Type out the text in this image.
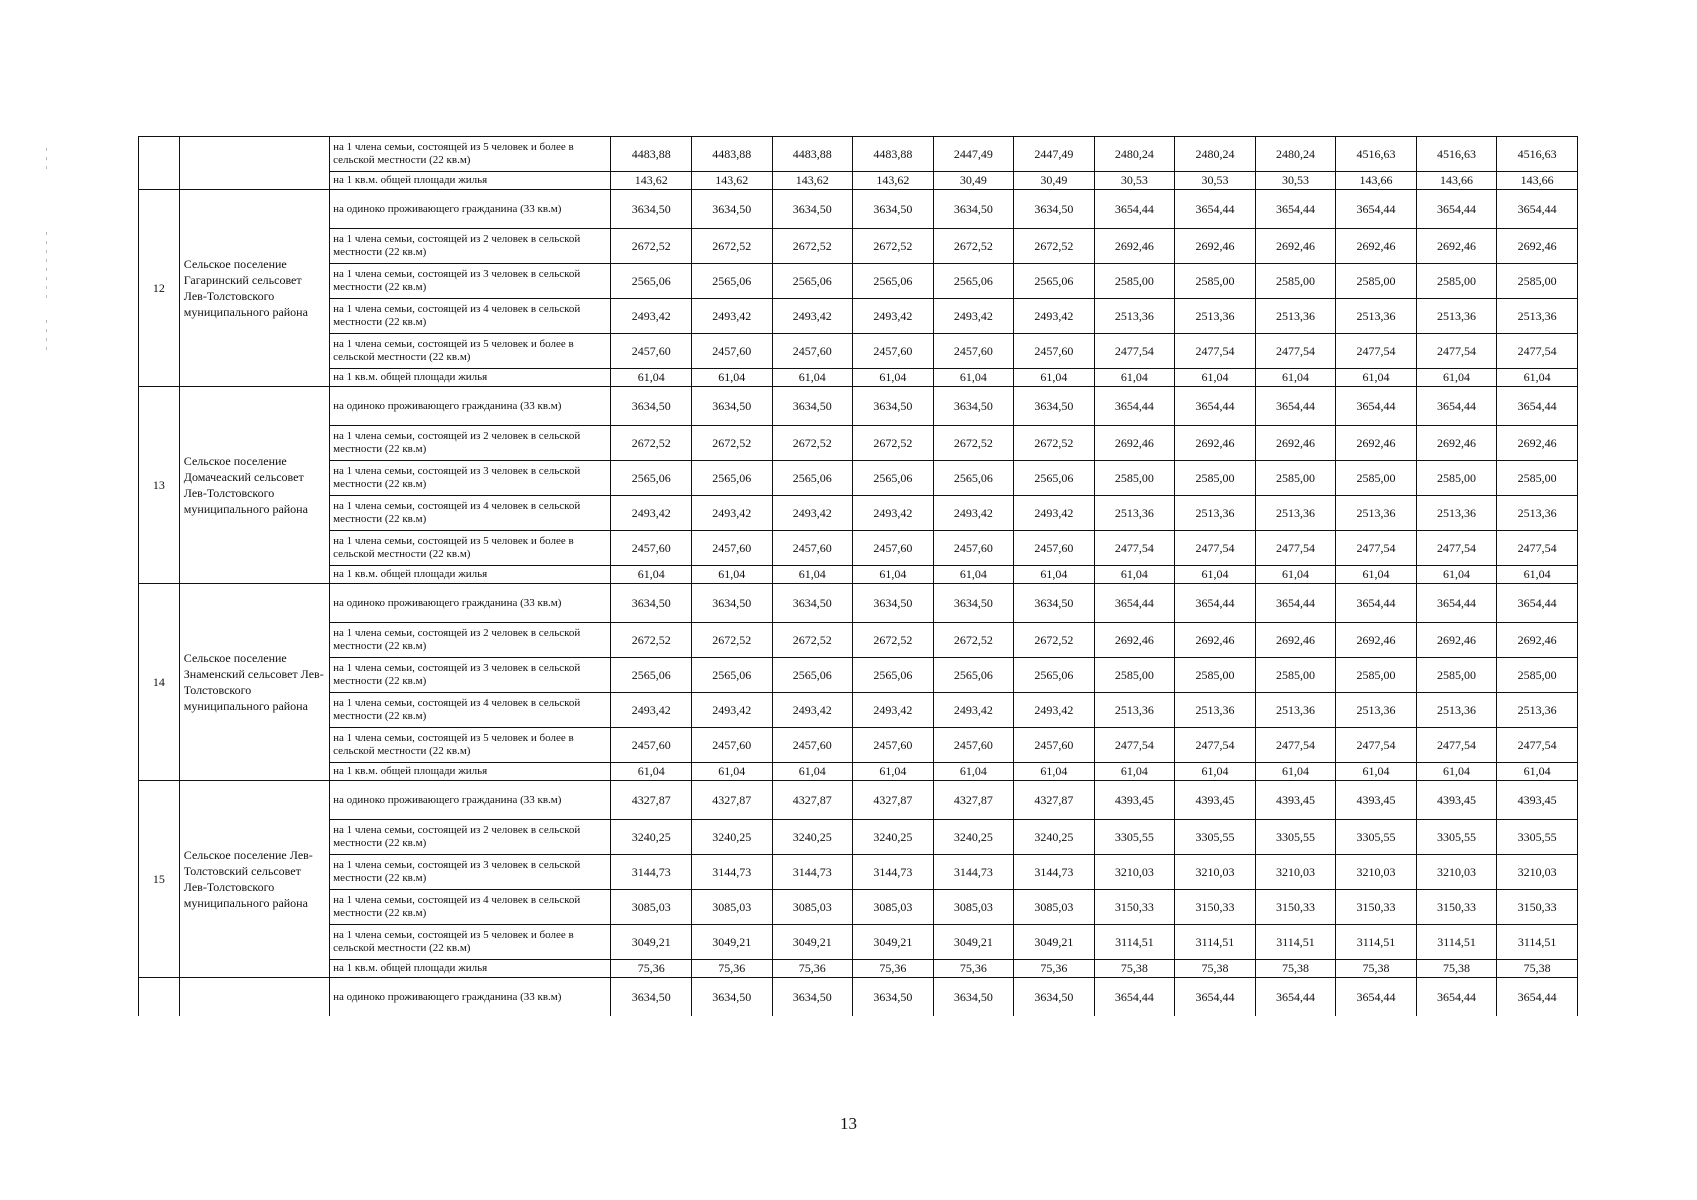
		на 1 члена семьи, состоящей из 5 человек и более в сельской местности (22 кв.м)	4483,88	4483,88	4483,88	4483,88	2447,49	2447,49	2480,24	2480,24	2480,24	4516,63	4516,63	4516,63
		на 1 кв.м. общей площади жилья	143,62	143,62	143,62	143,62	30,49	30,49	30,53	30,53	30,53	143,66	143,66	143,66
12	Сельское поселение Гагаринский сельсовет Лев-Толстовского муниципального района	на одиноко проживающего гражданина (33 кв.м)	3634,50	3634,50	3634,50	3634,50	3634,50	3634,50	3654,44	3654,44	3654,44	3654,44	3654,44	3654,44
		на 1 члена семьи, состоящей из 2 человек в сельской местности (22 кв.м)	2672,52	2672,52	2672,52	2672,52	2672,52	2672,52	2692,46	2692,46	2692,46	2692,46	2692,46	2692,46
		на 1 члена семьи, состоящей из 3 человек в сельской местности (22 кв.м)	2565,06	2565,06	2565,06	2565,06	2565,06	2565,06	2585,00	2585,00	2585,00	2585,00	2585,00	2585,00
		на 1 члена семьи, состоящей из 4 человек в сельской местности (22 кв.м)	2493,42	2493,42	2493,42	2493,42	2493,42	2493,42	2513,36	2513,36	2513,36	2513,36	2513,36	2513,36
		на 1 члена семьи, состоящей из 5 человек и более в сельской местности (22 кв.м)	2457,60	2457,60	2457,60	2457,60	2457,60	2457,60	2477,54	2477,54	2477,54	2477,54	2477,54	2477,54
		на 1 кв.м. общей площади жилья	61,04	61,04	61,04	61,04	61,04	61,04	61,04	61,04	61,04	61,04	61,04	61,04
13	Сельское поселение Домачеаский сельсовет Лев-Толстовского муниципального района	на одиноко проживающего гражданина (33 кв.м)	3634,50	3634,50	3634,50	3634,50	3634,50	3634,50	3654,44	3654,44	3654,44	3654,44	3654,44	3654,44
		на 1 члена семьи, состоящей из 2 человек в сельской местности (22 кв.м)	2672,52	2672,52	2672,52	2672,52	2672,52	2672,52	2692,46	2692,46	2692,46	2692,46	2692,46	2692,46
		на 1 члена семьи, состоящей из 3 человек в сельской местности (22 кв.м)	2565,06	2565,06	2565,06	2565,06	2565,06	2565,06	2585,00	2585,00	2585,00	2585,00	2585,00	2585,00
		на 1 члена семьи, состоящей из 4 человек в сельской местности (22 кв.м)	2493,42	2493,42	2493,42	2493,42	2493,42	2493,42	2513,36	2513,36	2513,36	2513,36	2513,36	2513,36
		на 1 члена семьи, состоящей из 5 человек и более в сельской местности (22 кв.м)	2457,60	2457,60	2457,60	2457,60	2457,60	2457,60	2477,54	2477,54	2477,54	2477,54	2477,54	2477,54
		на 1 кв.м. общей площади жилья	61,04	61,04	61,04	61,04	61,04	61,04	61,04	61,04	61,04	61,04	61,04	61,04
14	Сельское поселение Знаменский сельсовет Лев-Толстовского муниципального района	на одиноко проживающего гражданина (33 кв.м)	3634,50	3634,50	3634,50	3634,50	3634,50	3634,50	3654,44	3654,44	3654,44	3654,44	3654,44	3654,44
		на 1 члена семьи, состоящей из 2 человек в сельской местности (22 кв.м)	2672,52	2672,52	2672,52	2672,52	2672,52	2672,52	2692,46	2692,46	2692,46	2692,46	2692,46	2692,46
		на 1 члена семьи, состоящей из 3 человек в сельской местности (22 кв.м)	2565,06	2565,06	2565,06	2565,06	2565,06	2565,06	2585,00	2585,00	2585,00	2585,00	2585,00	2585,00
		на 1 члена семьи, состоящей из 4 человек в сельской местности (22 кв.м)	2493,42	2493,42	2493,42	2493,42	2493,42	2493,42	2513,36	2513,36	2513,36	2513,36	2513,36	2513,36
		на 1 члена семьи, состоящей из 5 человек и более в сельской местности (22 кв.м)	2457,60	2457,60	2457,60	2457,60	2457,60	2457,60	2477,54	2477,54	2477,54	2477,54	2477,54	2477,54
		на 1 кв.м. общей площади жилья	61,04	61,04	61,04	61,04	61,04	61,04	61,04	61,04	61,04	61,04	61,04	61,04
15	Сельское поселение Лев-Толстовский сельсовет Лев-Толстовского муниципального района	на одиноко проживающего гражданина (33 кв.м)	4327,87	4327,87	4327,87	4327,87	4327,87	4327,87	4393,45	4393,45	4393,45	4393,45	4393,45	4393,45
		на 1 члена семьи, состоящей из 2 человек в сельской местности (22 кв.м)	3240,25	3240,25	3240,25	3240,25	3240,25	3240,25	3305,55	3305,55	3305,55	3305,55	3305,55	3305,55
		на 1 члена семьи, состоящей из 3 человек в сельской местности (22 кв.м)	3144,73	3144,73	3144,73	3144,73	3144,73	3144,73	3210,03	3210,03	3210,03	3210,03	3210,03	3210,03
		на 1 члена семьи, состоящей из 4 человек в сельской местности (22 кв.м)	3085,03	3085,03	3085,03	3085,03	3085,03	3085,03	3150,33	3150,33	3150,33	3150,33	3150,33	3150,33
		на 1 члена семьи, состоящей из 5 человек и более в сельской местности (22 кв.м)	3049,21	3049,21	3049,21	3049,21	3049,21	3049,21	3114,51	3114,51	3114,51	3114,51	3114,51	3114,51
		на 1 кв.м. общей площади жилья	75,36	75,36	75,36	75,36	75,36	75,36	75,38	75,38	75,38	75,38	75,38	75,38
		на одиноко проживающего гражданина (33 кв.м)	3634,50	3634,50	3634,50	3634,50	3634,50	3634,50	3654,44	3654,44	3654,44	3654,44	3654,44	3654,44
13
